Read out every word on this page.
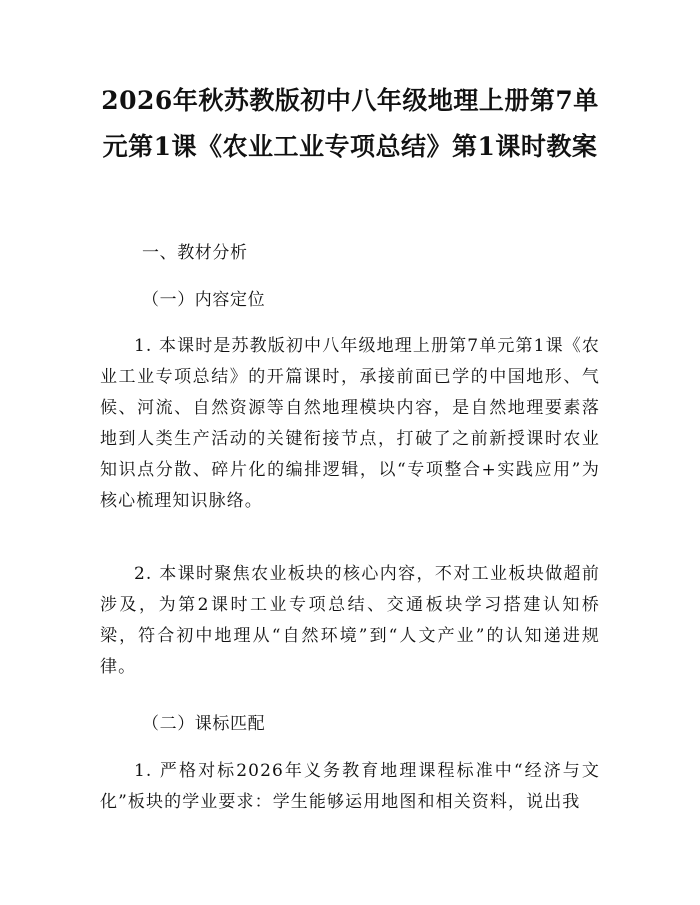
2026年秋苏教版初中八年级地理上册第7单元第1课《农业工业专项总结》第1课时教案
一、教材分析
（一）内容定位

1. 本课时是苏教版初中八年级地理上册第7单元第1课《农业工业专项总结》的开篇课时，承接前面已学的中国地形、气候、河流、自然资源等自然地理模块内容，是自然地理要素落地到人类生产活动的关键衔接节点，打破了之前新授课时农业知识点分散、碎片化的编排逻辑，以“专项整合+实践应用”为核心梳理知识脉络。

2. 本课时聚焦农业板块的核心内容，不对工业板块做超前涉及，为第2课时工业专项总结、交通板块学习搭建认知桥梁，符合初中地理从“自然环境”到“人文产业”的认知递进规律。

（二）课标匹配

1. 严格对标2026年义务教育地理课程标准中“经济与文化”板块的学业要求：学生能够运用地图和相关资料，说出我
